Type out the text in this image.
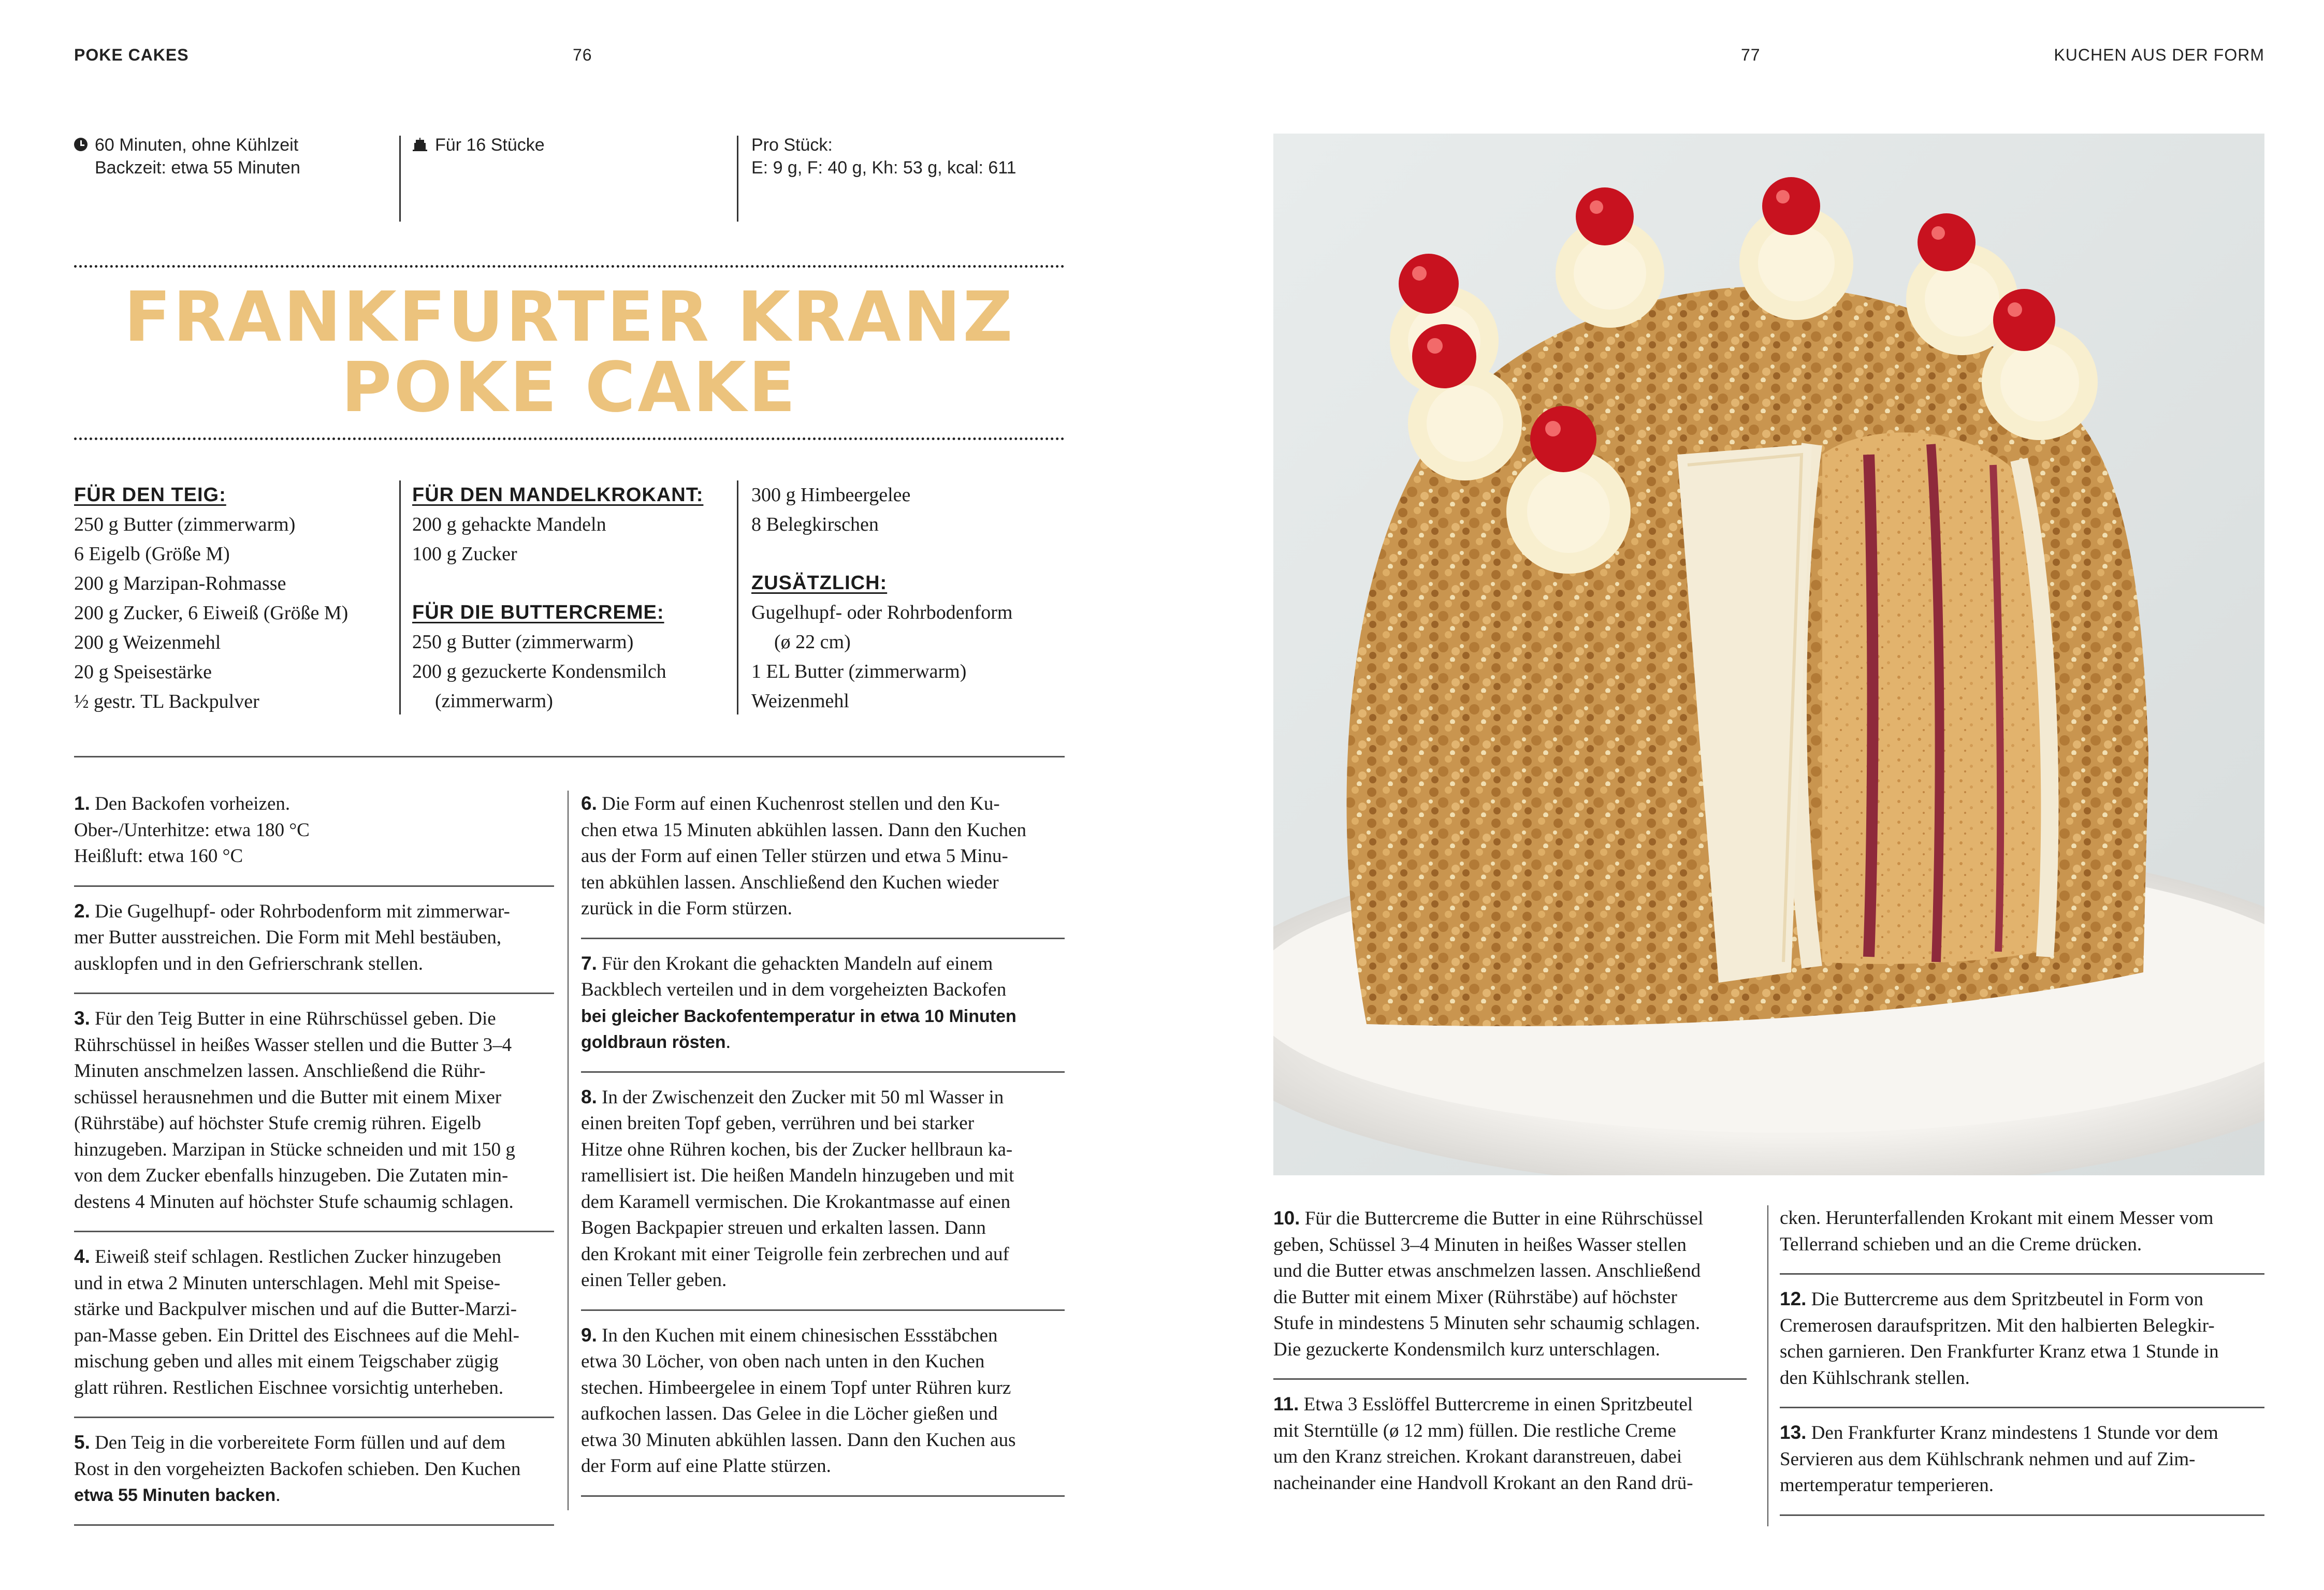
POKE CAKES	76	77	KUCHEN AUS DER FORM
60 Minuten, ohne Kühlzeit
Backzeit: etwa 55 Minuten
Für 16 Stücke	Pro Stück:
E: 9 g, F: 40 g, Kh: 53 g, kcal: 611
FRANKFURTER KRANZ
POKE CAKE
FÜR DEN TEIG:
250 g Butter (zimmerwarm)
6 Eigelb (Größe M)
200 g Marzipan-Rohmasse
200 g Zucker, 6 Eiweiß (Größe M)
200 g Weizenmehl
20 g Speisestärke
½ gestr. TL Backpulver
FÜR DEN MANDELKROKANT:
200 g gehackte Mandeln
100 g Zucker
FÜR DIE BUTTERCREME:
250 g Butter (zimmerwarm)
200 g gezuckerte Kondensmilch
(zimmerwarm)
300 g Himbeergelee
8 Belegkirschen
ZUSÄTZLICH:
Gugelhupf- oder Rohrbodenform
(ø 22 cm)
1 EL Butter (zimmerwarm)
Weizenmehl
1. Den Backofen vorheizen.
Ober-/Unterhitze: etwa 180 °C
Heißluft: etwa 160 °C
2. Die Gugelhupf- oder Rohrbodenform mit zimmerwar-
mer Butter ausstreichen. Die Form mit Mehl bestäuben,
ausklopfen und in den Gefrierschrank stellen.
3. Für den Teig Butter in eine Rührschüssel geben. Die
Rührschüssel in heißes Wasser stellen und die Butter 3–4
Minuten anschmelzen lassen. Anschließend die Rühr-
schüssel herausnehmen und die Butter mit einem Mixer
(Rührstäbe) auf höchster Stufe cremig rühren. Eigelb
hinzugeben. Marzipan in Stücke schneiden und mit 150 g
von dem Zucker ebenfalls hinzugeben. Die Zutaten min-
destens 4 Minuten auf höchster Stufe schaumig schlagen.
4. Eiweiß steif schlagen. Restlichen Zucker hinzugeben
und in etwa 2 Minuten unterschlagen. Mehl mit Speise-
stärke und Backpulver mischen und auf die Butter-Marzi-
pan-Masse geben. Ein Drittel des Eischnees auf die Mehl-
mischung geben und alles mit einem Teigschaber zügig
glatt rühren. Restlichen Eischnee vorsichtig unterheben.
5. Den Teig in die vorbereitete Form füllen und auf dem
Rost in den vorgeheizten Backofen schieben. Den Kuchen
etwa 55 Minuten backen.
6. Die Form auf einen Kuchenrost stellen und den Ku-
chen etwa 15 Minuten abkühlen lassen. Dann den Kuchen
aus der Form auf einen Teller stürzen und etwa 5 Minu-
ten abkühlen lassen. Anschließend den Kuchen wieder
zurück in die Form stürzen.
7. Für den Krokant die gehackten Mandeln auf einem
Backblech verteilen und in dem vorgeheizten Backofen
bei gleicher Backofentemperatur in etwa 10 Minuten
goldbraun rösten.
8. In der Zwischenzeit den Zucker mit 50 ml Wasser in
einen breiten Topf geben, verrühren und bei starker
Hitze ohne Rühren kochen, bis der Zucker hellbraun ka-
ramellisiert ist. Die heißen Mandeln hinzugeben und mit
dem Karamell vermischen. Die Krokantmasse auf einen
Bogen Backpapier streuen und erkalten lassen. Dann
den Krokant mit einer Teigrolle fein zerbrechen und auf
einen Teller geben.
9. In den Kuchen mit einem chinesischen Essstäbchen
etwa 30 Löcher, von oben nach unten in den Kuchen
stechen. Himbeergelee in einem Topf unter Rühren kurz
aufkochen lassen. Das Gelee in die Löcher gießen und
etwa 30 Minuten abkühlen lassen. Dann den Kuchen aus
der Form auf eine Platte stürzen.
10. Für die Buttercreme die Butter in eine Rührschüssel
geben, Schüssel 3–4 Minuten in heißes Wasser stellen
und die Butter etwas anschmelzen lassen. Anschließend
die Butter mit einem Mixer (Rührstäbe) auf höchster
Stufe in mindestens 5 Minuten sehr schaumig schlagen.
Die gezuckerte Kondensmilch kurz unterschlagen.
11. Etwa 3 Esslöffel Buttercreme in einen Spritzbeutel
mit Sterntülle (ø 12 mm) füllen. Die restliche Creme
um den Kranz streichen. Krokant daranstreuen, dabei
nacheinander eine Handvoll Krokant an den Rand drü-
cken. Herunterfallenden Krokant mit einem Messer vom
Tellerrand schieben und an die Creme drücken.
12. Die Buttercreme aus dem Spritzbeutel in Form von
Cremerosen daraufspritzen. Mit den halbierten Belegkir-
schen garnieren. Den Frankfurter Kranz etwa 1 Stunde in
den Kühlschrank stellen.
13. Den Frankfurter Kranz mindestens 1 Stunde vor dem
Servieren aus dem Kühlschrank nehmen und auf Zim-
mertemperatur temperieren.
